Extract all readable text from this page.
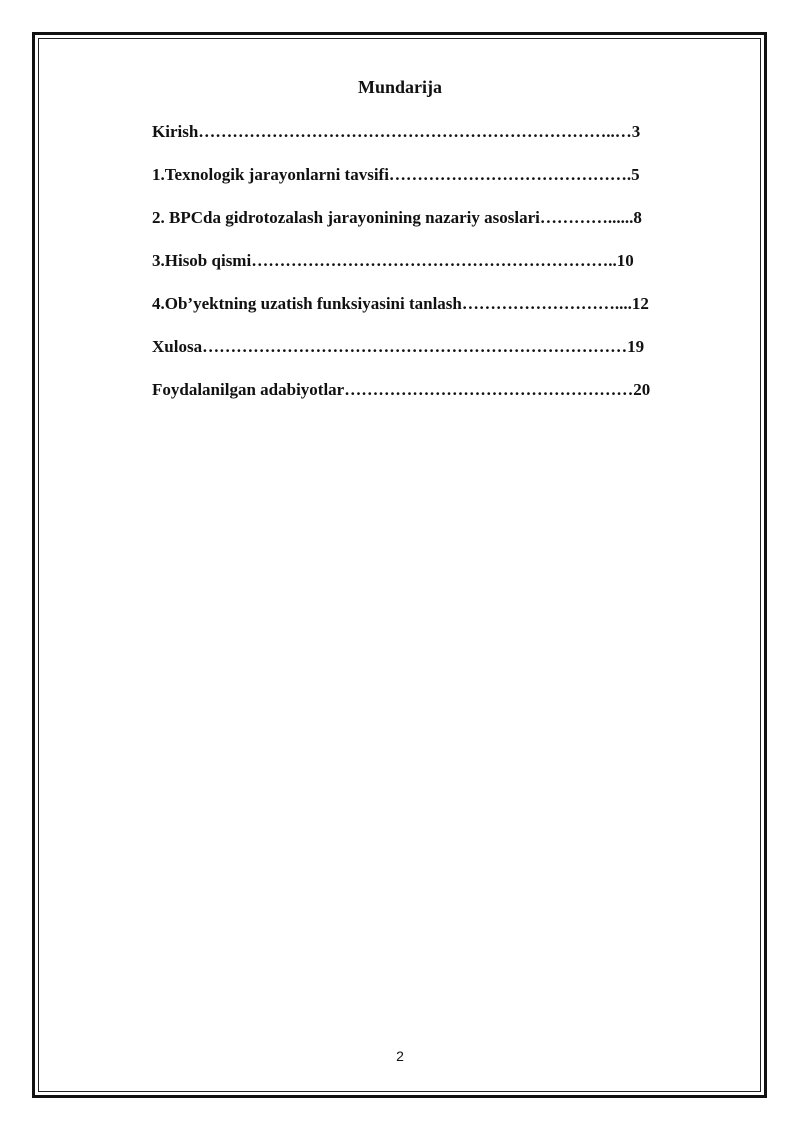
Mundarija
Kirish………………………………………………………………..…3
1.Texnologik jarayonlarni tavsifi…………………………………….5
2. BPCda gidrotozalash jarayonining nazariy asoslari…………......8
3.Hisob qismi………………………………………………………..10
4.Ob’yektning uzatish funksiyasini tanlash………………………....12
Xulosa…………………………………………………………………19
Foydalanilgan adabiyotlar……………………………………………20
2
